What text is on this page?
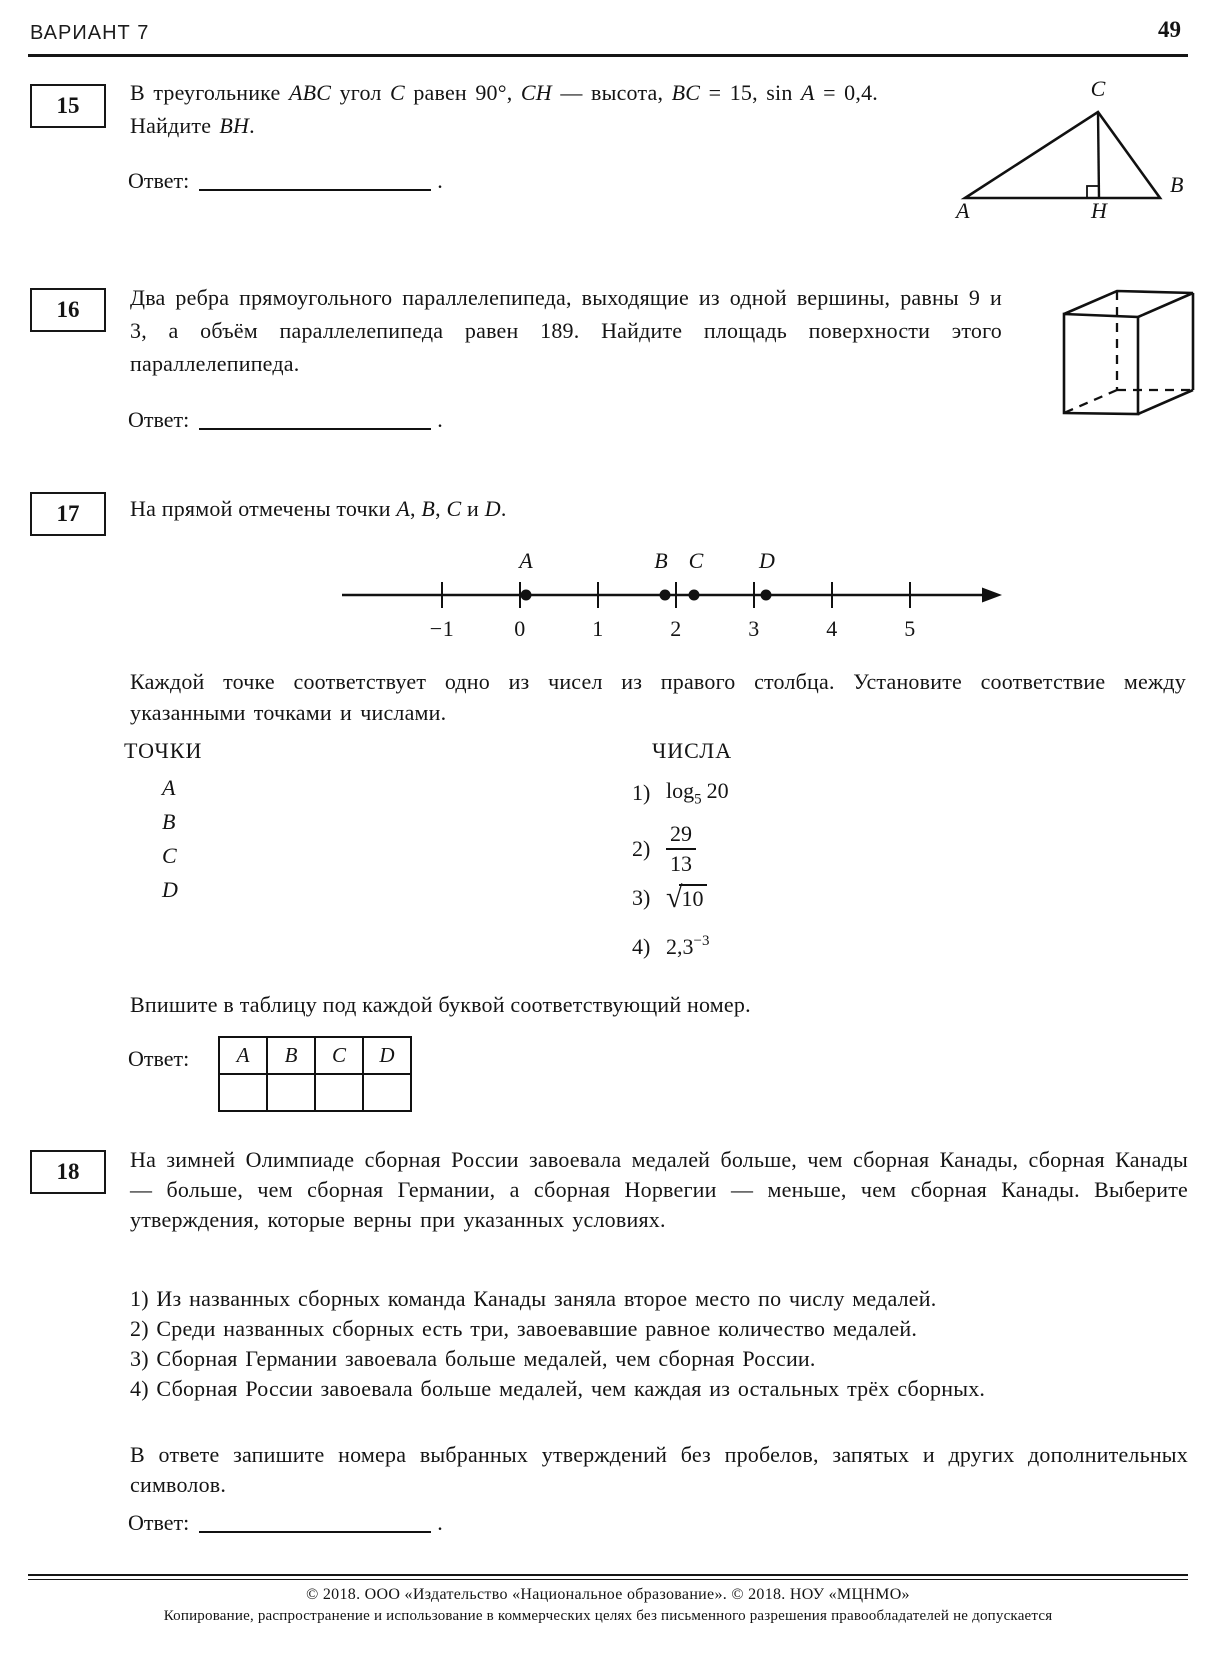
ВАРИАНТ 7	49
15
В треугольнике ABC угол C равен 90°, CH — высота, BC = 15, sin A = 0,4. Найдите BH.
C
A	H
B
Ответ:	.
16 Два ребра прямоугольного параллелепипеда, выходящие из одной вершины, равны 9 и 3, а объём параллелепипеда равен 189. Найдите площадь поверхности этого параллелепипеда.
Ответ:	.
17 На прямой отмечены точки A, B, C и D.
A	B C	D
−1	0	1	2	3	4	5
Каждой точке соответствует одно из чисел из правого столбца. Установите соответствие между указанными точками и числами.
ТОЧКИ	ЧИСЛА
A
B
C
D
1) $\log_5 20$
$2) \frac{29}{13}$
3) √ 10
4) $2,3^{-3}$
Впишите в таблицу под каждой буквой соответствующий номер.
Ответ: A	B	C	D

18 На зимней Олимпиаде сборная России завоевала медалей больше, чем сборная Канады, сборная Канады — больше, чем сборная Германии, а сборная Норвегии — меньше, чем сборная Канады. Выберите утверждения, которые верны при указанных условиях.
1) Из названных сборных команда Канады заняла второе место по числу медалей.
2) Среди названных сборных есть три, завоевавшие равное количество медалей.
3) Сборная Германии завоевала больше медалей, чем сборная России.
4) Сборная России завоевала больше медалей, чем каждая из остальных трёх сборных.
В ответе запишите номера выбранных утверждений без пробелов, запятых и других дополнительных символов.
Ответ:	.
© 2018. ООО «Издательство «Национальное образование». © 2018. НОУ «МЦНМО»
Копирование, распространение и использование в коммерческих целях без письменного разрешения правообладателей не допускается
